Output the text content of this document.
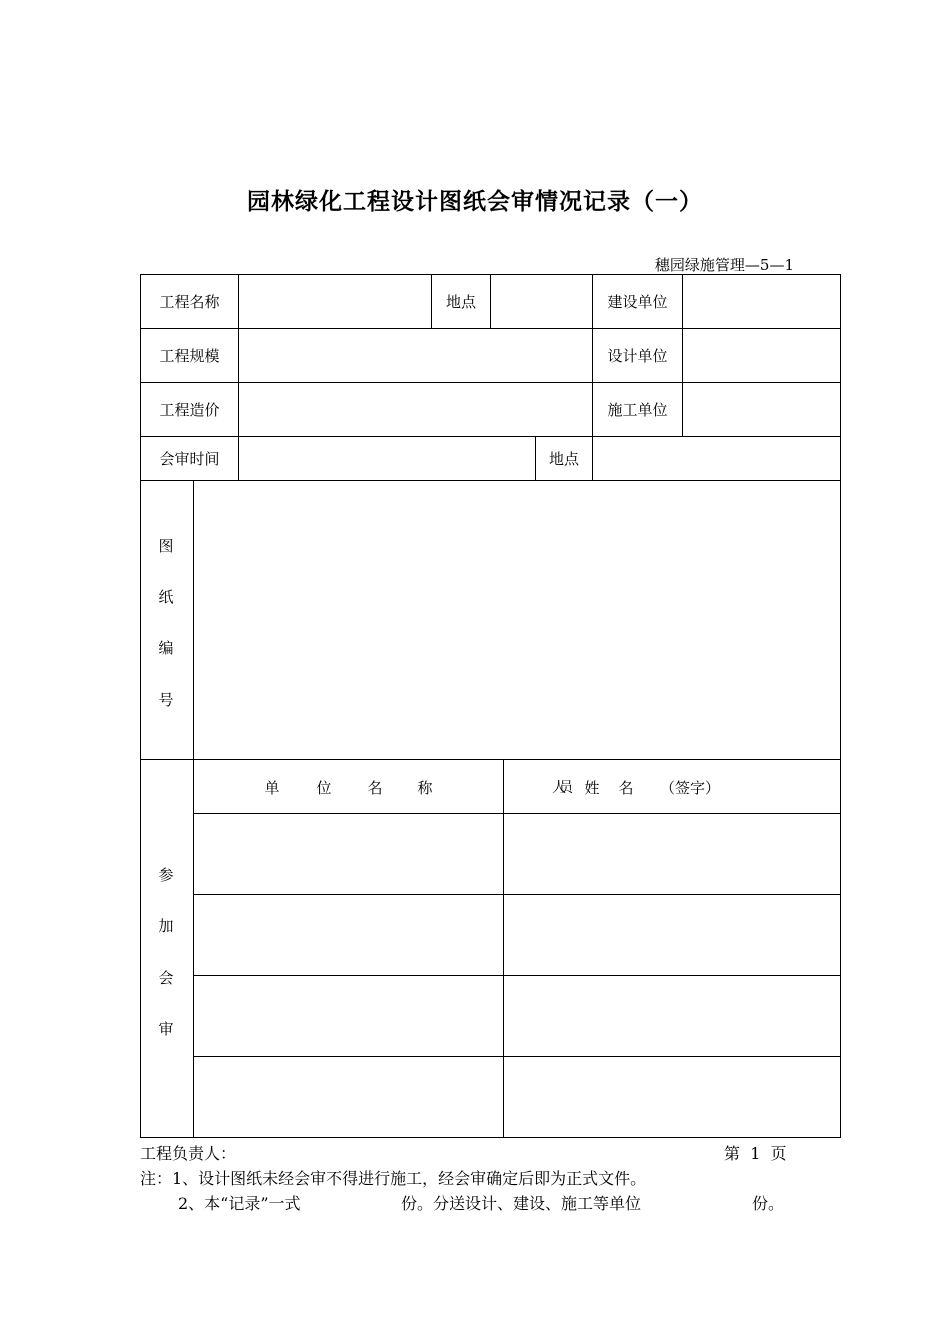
园林绿化工程设计图纸会审情况记录（一）
穗园绿施管理—5—1
工程名称	地点	建设单位
工程规模	设计单位
工程造价	施工单位
会审时间	地点
图
纸
编
号
参
加
会
审
单 位 名 称	人员	姓 名 （签字）
工程负责人：	第 1 页
注：1、设计图纸未经会审不得进行施工，经会审确定后即为正式文件。
2、本“记录”一式	份。分送设计、建设、施工等单位	份。
